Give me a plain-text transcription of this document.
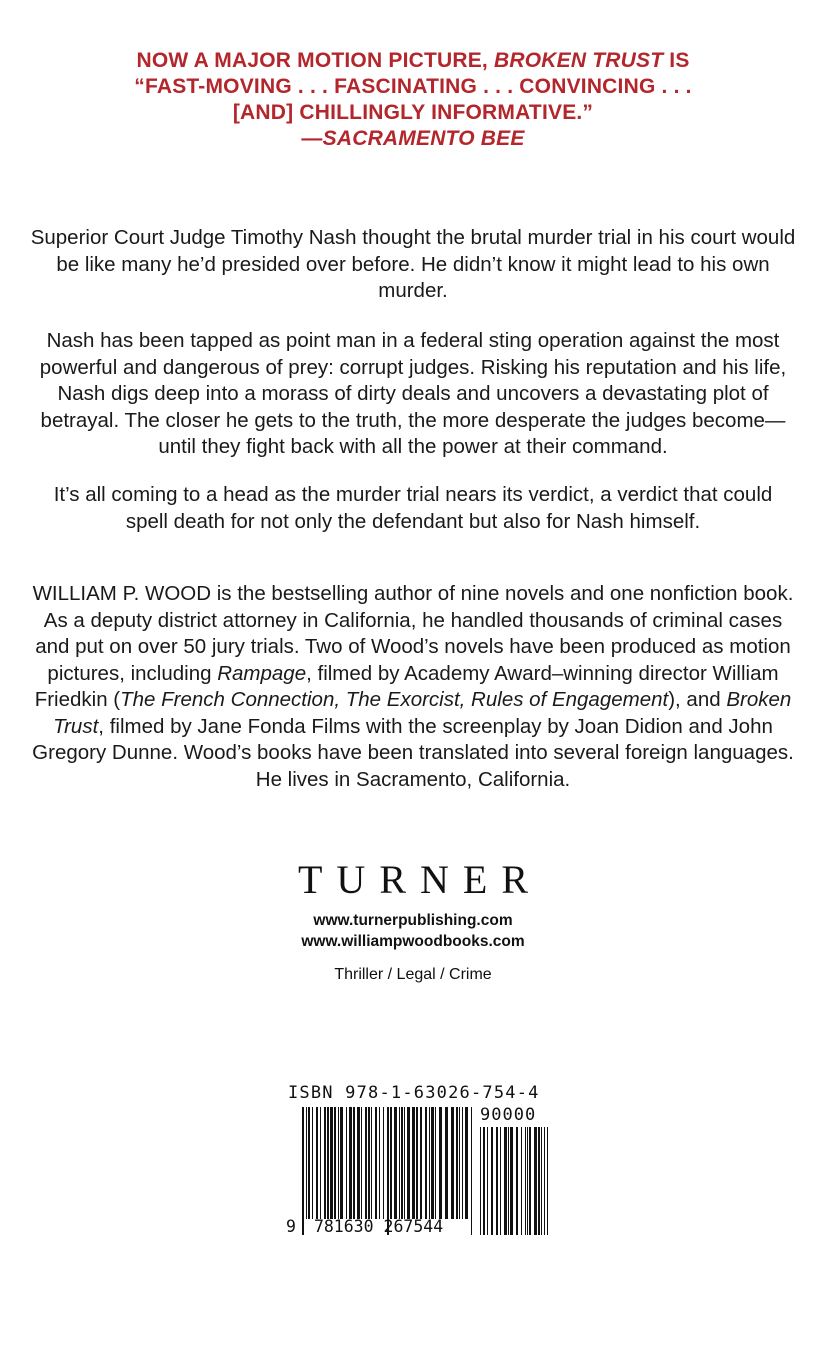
NOW A MAJOR MOTION PICTURE, BROKEN TRUST IS
“FAST-MOVING . . . FASCINATING . . . CONVINCING . . .
[AND] CHILLINGLY INFORMATIVE.”
—SACRAMENTO BEE

Superior Court Judge Timothy Nash thought the brutal murder trial in his court would be like many he’d presided over before. He didn’t know it might lead to his own murder.

Nash has been tapped as point man in a federal sting operation against the most powerful and dangerous of prey: corrupt judges. Risking his reputation and his life, Nash digs deep into a morass of dirty deals and uncovers a devastating plot of betrayal. The closer he gets to the truth, the more desperate the judges become—until they fight back with all the power at their command.

It’s all coming to a head as the murder trial nears its verdict, a verdict that could spell death for not only the defendant but also for Nash himself.

WILLIAM P. WOOD is the bestselling author of nine novels and one nonfiction book. As a deputy district attorney in California, he handled thousands of criminal cases and put on over 50 jury trials. Two of Wood’s novels have been produced as motion pictures, including Rampage, filmed by Academy Award–winning director William Friedkin (The French Connection, The Exorcist, Rules of Engagement), and Broken Trust, filmed by Jane Fonda Films with the screenplay by Joan Didion and John Gregory Dunne. Wood’s books have been translated into several foreign languages. He lives in Sacramento, California.

TURNER
www.turnerpublishing.com
www.williampwoodbooks.com
Thriller / Legal / Crime
ISBN 978-1-63026-754-4
90000
9 781630 267544
